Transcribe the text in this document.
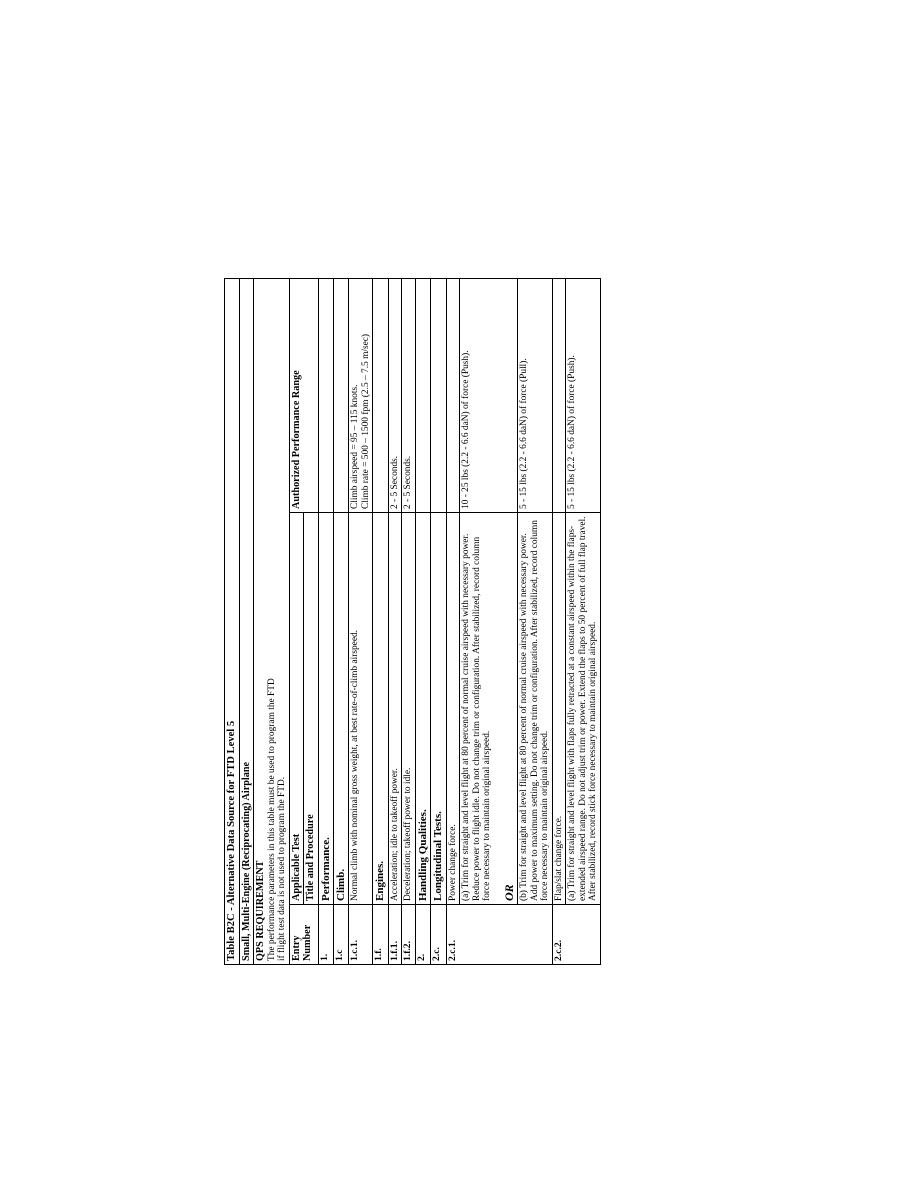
Table B2C - Alternative Data Source for FTD Level 5		
Small, Multi-Engine (Reciprocating) Airplane		

QPS REQUIREMENT The performance parameters in this table must be used to program the FTD
if flight test data is not used to program the FTD.		
Entry Number	Applicable Test	Authorized Performance Range
	Title and Procedure	
1.	Performance.	
1.c	Climb.	
1.c.1.	Normal climb with nominal gross weight, at best rate-of-climb airspeed.	Climb airspeed = 95 – 115 knots.
Climb rate = 500 – 1500 fpm (2.5 – 7.5 m/sec)
1.f.	Engines.	
1.f.1.	Acceleration; idle to takeoff power.	2 - 5 Seconds.
1.f.2.	Deceleration; takeoff power to idle.	2 - 5 Seconds.
2.	Handling Qualities.	
2.c.	Longitudinal Tests.	
2.c.1.	Power change force.	
	(a) Trim for straight and level flight at 80 percent of normal cruise airspeed with necessary power. Reduce power to flight idle. Do not change trim or configuration. After stabilized, record column force necessary to maintain original airspeed. OR	10 - 25 lbs (2.2 - 6.6 daN) of force (Push).
	(b) Trim for straight and level flight at 80 percent of normal cruise airspeed with necessary power. Add power to maximum setting. Do not change trim or configuration. After stabilized, record column force necessary to maintain original airspeed.	5 - 15 lbs (2.2 - 6.6 daN) of force (Pull).
2.c.2.	Flap/slat change force.	
	(a) Trim for straight and level flight with flaps fully retracted at a constant airspeed within the flaps-extended airspeed range. Do not adjust trim or power. Extend the flaps to 50 percent of full flap travel. After stabilized, record stick force necessary to maintain original airspeed.	5 - 15 lbs (2.2 - 6.6 daN) of force (Push).
